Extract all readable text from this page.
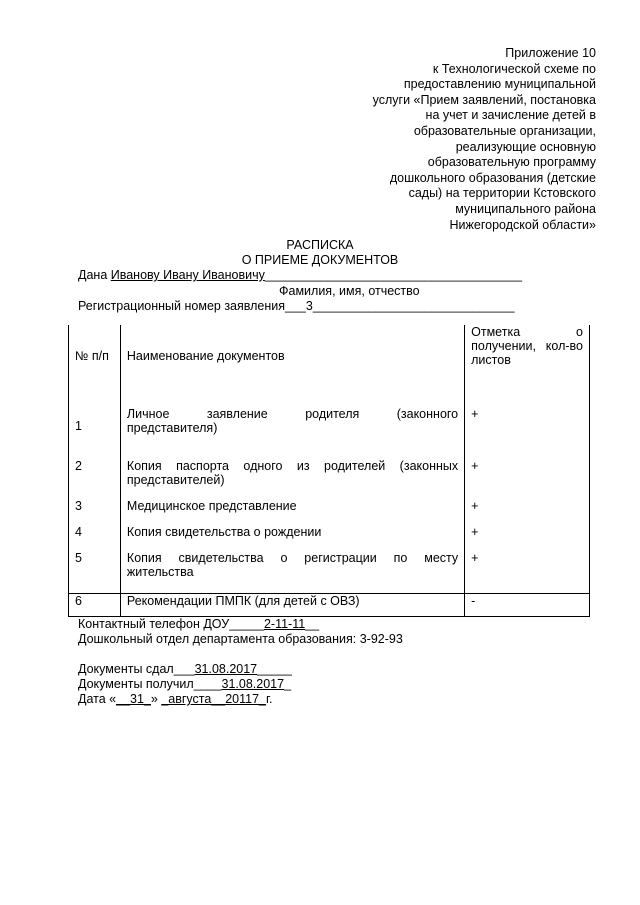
Приложение 10
к Технологической схеме по
предоставлению муниципальной
услуги «Прием заявлений, постановка
на учет и зачисление детей в
образовательные организации,
реализующие основную
образовательную программу
дошкольного образования (детские
сады) на территории Кстовского
муниципального района
Нижегородской области»
РАСПИСКА
О ПРИЕМЕ ДОКУМЕНТОВ
Дана Иванову Ивану Ивановичу_____________________________________
Фамилия, имя, отчество
Регистрационный номер заявления___3_____________________________
№ п/п	Наименование документов	Отметка о
получении, кол-во
листов

1	Личное заявление родителя (законного
представителя)	+
2	Копия паспорта одного из родителей (законных
представителей)	+
3	Медицинское представление	+
4	Копия свидетельства о рождении	+
5	Копия свидетельства о регистрации по месту
жительства	+
6	Рекомендации ПМПК (для детей с ОВЗ)	-
Контактный телефон ДОУ_____2-11-11__
Дошкольный отдел департамента образования: 3-92-93
Документы сдал___31.08.2017_____
Документы получил____31.08.2017_
Дата «__31_» _августа__20117_г.
